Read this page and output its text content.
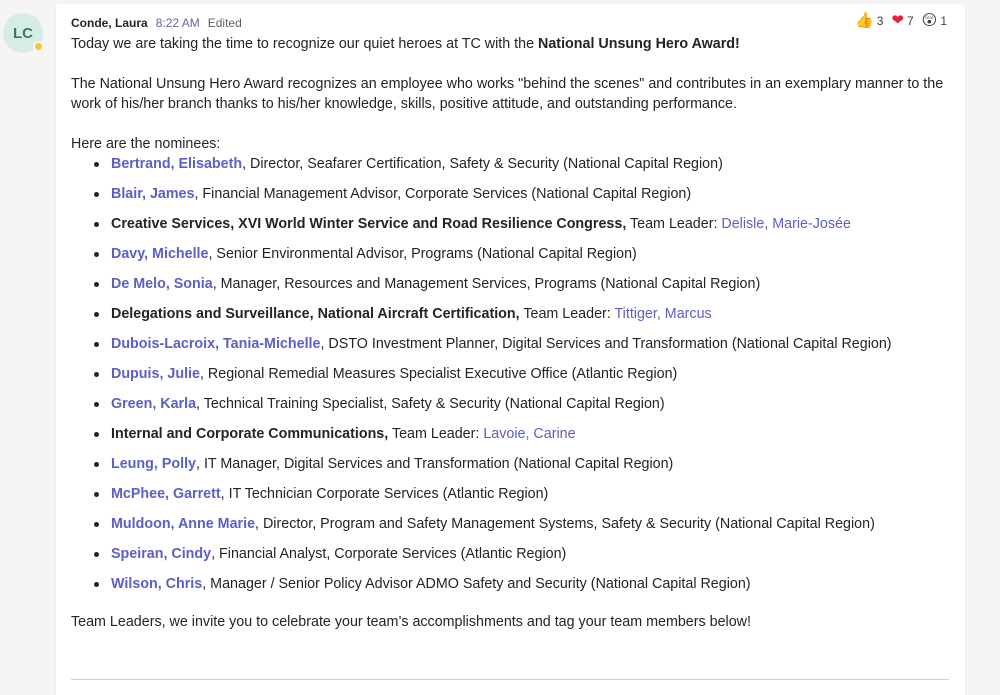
LC
Conde, Laura 8:22 AM Edited	👍 3 ❤ 7 😲 1
Today we are taking the time to recognize our quiet heroes at TC with the National Unsung Hero Award!
The National Unsung Hero Award recognizes an employee who works "behind the scenes" and contributes in an exemplary manner to the work of his/her branch thanks to his/her knowledge, skills, positive attitude, and outstanding performance.
Here are the nominees:
Bertrand, Elisabeth, Director, Seafarer Certification, Safety & Security (National Capital Region)
Blair, James, Financial Management Advisor, Corporate Services (National Capital Region)
Creative Services, XVI World Winter Service and Road Resilience Congress, Team Leader: Delisle, Marie-Josée
Davy, Michelle, Senior Environmental Advisor, Programs (National Capital Region)
De Melo, Sonia, Manager, Resources and Management Services, Programs (National Capital Region)
Delegations and Surveillance, National Aircraft Certification, Team Leader: Tittiger, Marcus
Dubois-Lacroix, Tania-Michelle, DSTO Investment Planner, Digital Services and Transformation (National Capital Region)
Dupuis, Julie, Regional Remedial Measures Specialist Executive Office (Atlantic Region)
Green, Karla, Technical Training Specialist, Safety & Security (National Capital Region)
Internal and Corporate Communications, Team Leader: Lavoie, Carine
Leung, Polly, IT Manager, Digital Services and Transformation (National Capital Region)
McPhee, Garrett, IT Technician Corporate Services (Atlantic Region)
Muldoon, Anne Marie, Director, Program and Safety Management Systems, Safety & Security (National Capital Region)
Speiran, Cindy, Financial Analyst, Corporate Services (Atlantic Region)
Wilson, Chris, Manager / Senior Policy Advisor ADMO Safety and Security (National Capital Region)
Team Leaders, we invite you to celebrate your team’s accomplishments and tag your team members below!
